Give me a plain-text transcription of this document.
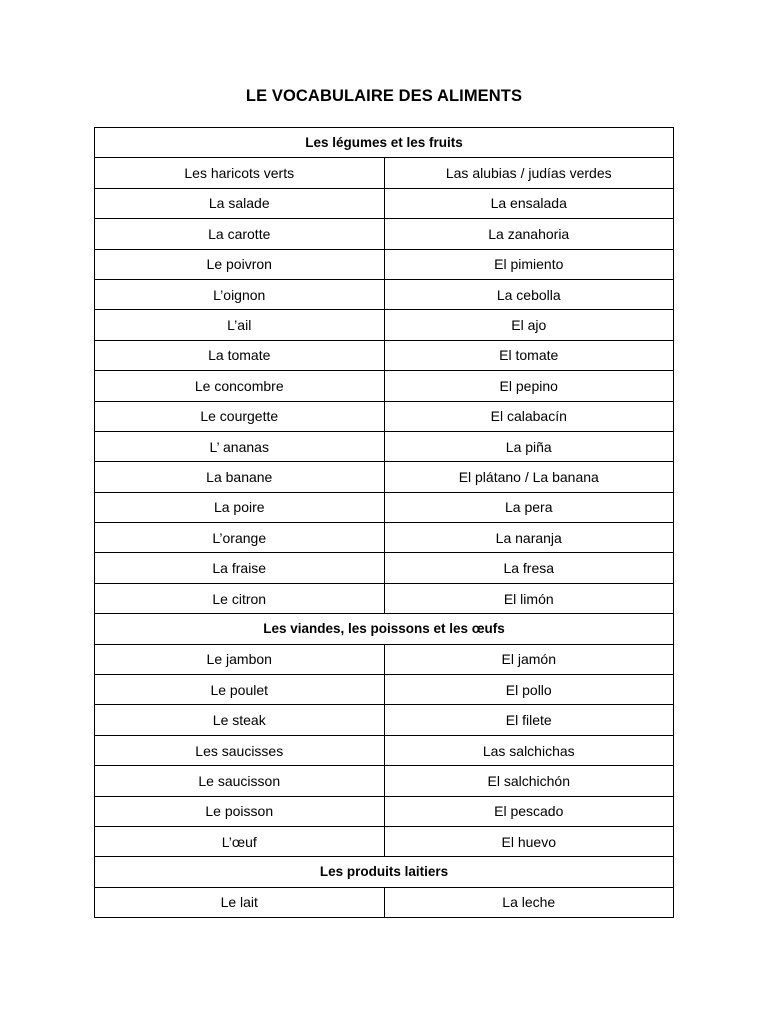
LE VOCABULAIRE DES ALIMENTS
Les légumes et les fruits	
Les haricots verts	Las alubias / judías verdes
La salade	La ensalada
La carotte	La zanahoria
Le poivron	El pimiento
L’oignon	La cebolla
L’ail	El ajo
La tomate	El tomate
Le concombre	El pepino
Le courgette	El calabacín
L’ ananas	La piña
La banane	El plátano / La banana
La poire	La pera
L’orange	La naranja
La fraise	La fresa
Le citron	El limón
Les viandes, les poissons et les œufs	
Le jambon	El jamón
Le poulet	El pollo
Le steak	El filete
Les saucisses	Las salchichas
Le saucisson	El salchichón
Le poisson	El pescado
L’œuf	El huevo
Les produits laitiers	
Le lait	La leche
